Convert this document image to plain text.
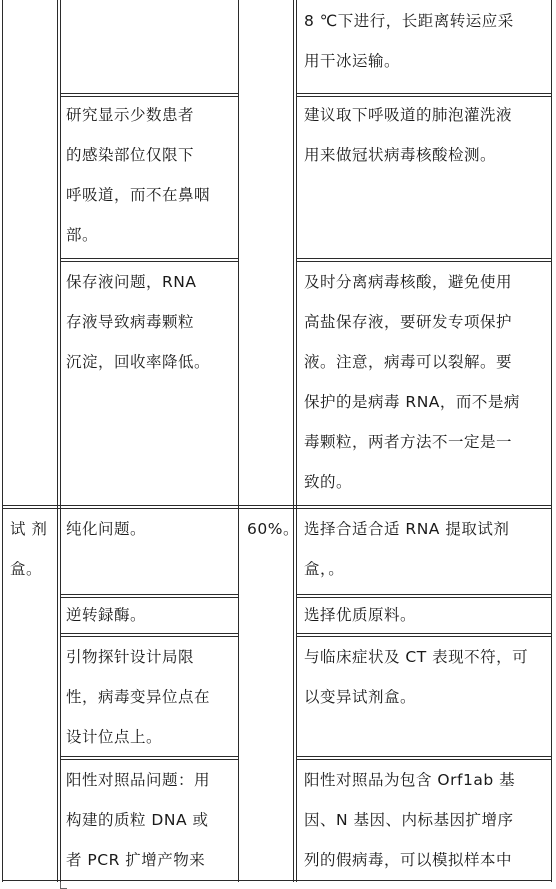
8 ℃下进行，长距离转运应采
用干冰运输。
研究显示少数患者
的感染部位仅限下
呼吸道，而不在鼻咽
部。
建议取下呼吸道的肺泡灌洗液
用来做冠状病毒核酸检测。
保存液问题，RNA
存液导致病毒颗粒
沉淀，回收率降低。
及时分离病毒核酸，避免使用
高盐保存液，要研发专项保护
液。注意，病毒可以裂解。要
保护的是病毒 RNA，而不是病
毒颗粒，两者方法不一定是一
致的。
试 剂
盒。
纯化问题。	60%。 选择合适合适 RNA 提取试剂
盒，。
逆转録酶。	选择优质原料。
引物探针设计局限
性，病毒变异位点在
设计位点上。
与临床症状及 CT 表现不符，可
以变异试剂盒。
阳性对照品问题：用
构建的质粒 DNA 或
者 PCR 扩增产物来
阳性对照品为包含 Orf1ab 基
因、N 基因、内标基因扩增序
列的假病毒，可以模拟样本中
